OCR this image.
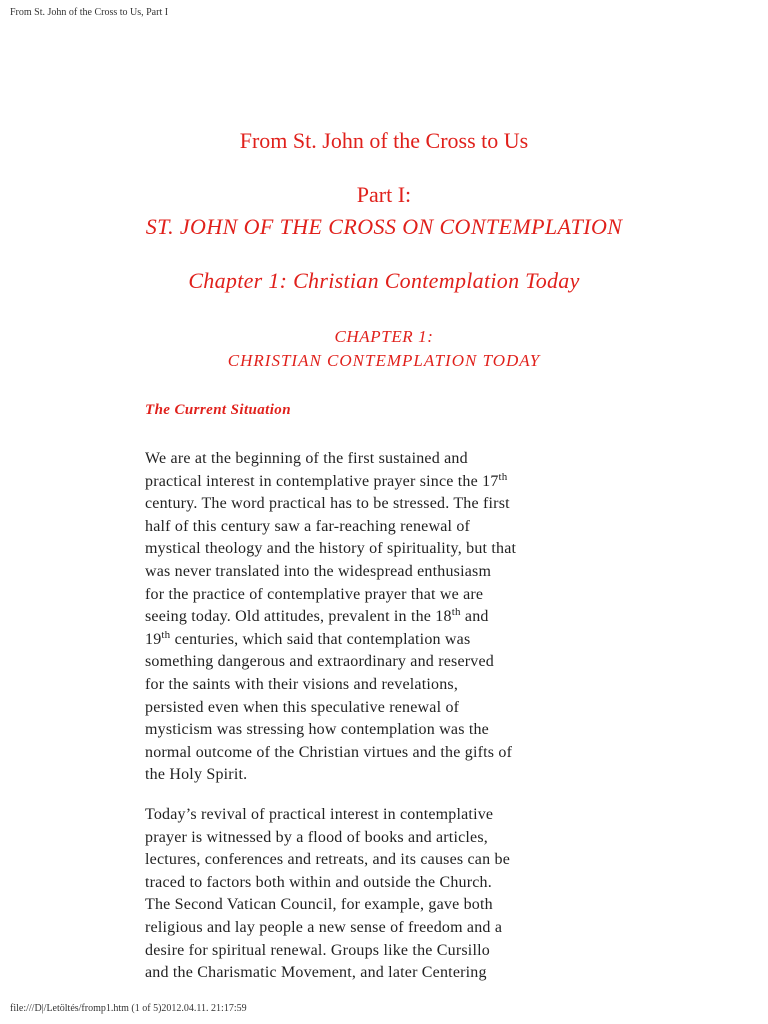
From St. John of the Cross to Us, Part I
From St. John of the Cross to Us
Part I:
ST. JOHN OF THE CROSS ON CONTEMPLATION
Chapter 1: Christian Contemplation Today
CHAPTER 1:
CHRISTIAN CONTEMPLATION TODAY
The Current Situation

We are at the beginning of the first sustained and
practical interest in contemplative prayer since the 17th
century. The word practical has to be stressed. The first
half of this century saw a far-reaching renewal of
mystical theology and the history of spirituality, but that
was never translated into the widespread enthusiasm
for the practice of contemplative prayer that we are
seeing today. Old attitudes, prevalent in the 18th and
19th centuries, which said that contemplation was
something dangerous and extraordinary and reserved
for the saints with their visions and revelations,
persisted even when this speculative renewal of
mysticism was stressing how contemplation was the
normal outcome of the Christian virtues and the gifts of
the Holy Spirit.

Today’s revival of practical interest in contemplative
prayer is witnessed by a flood of books and articles,
lectures, conferences and retreats, and its causes can be
traced to factors both within and outside the Church.
The Second Vatican Council, for example, gave both
religious and lay people a new sense of freedom and a
desire for spiritual renewal. Groups like the Cursillo
and the Charismatic Movement, and later Centering

file:///D|/Letöltés/fromp1.htm (1 of 5)2012.04.11. 21:17:59
